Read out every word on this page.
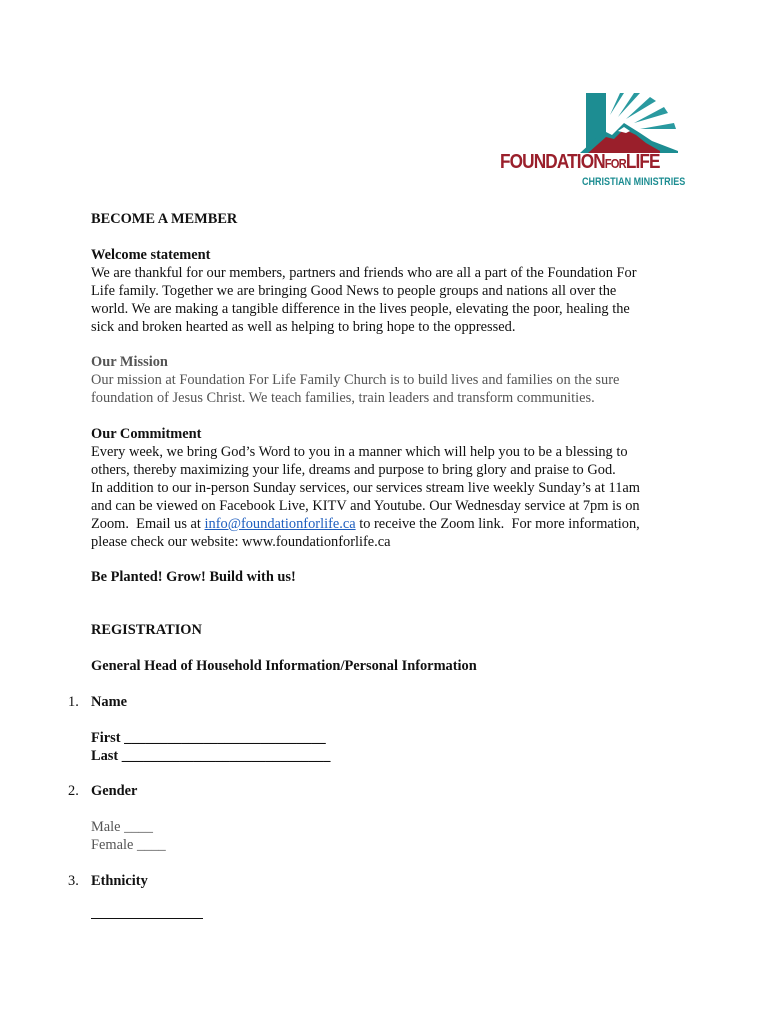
FOUNDATIONFORLIFE
CHRISTIAN MINISTRIES
BECOME A MEMBER
Welcome statement
We are thankful for our members, partners and friends who are all a part of the Foundation For
Life family. Together we are bringing Good News to people groups and nations all over the
world. We are making a tangible difference in the lives people, elevating the poor, healing the
sick and broken hearted as well as helping to bring hope to the oppressed.
Our Mission
Our mission at Foundation For Life Family Church is to build lives and families on the sure
foundation of Jesus Christ. We teach families, train leaders and transform communities.
Our Commitment
Every week, we bring God’s Word to you in a manner which will help you to be a blessing to
others, thereby maximizing your life, dreams and purpose to bring glory and praise to God.
In addition to our in-person Sunday services, our services stream live weekly Sunday’s at 11am
and can be viewed on Facebook Live, KITV and Youtube. Our Wednesday service at 7pm is on
Zoom.  Email us at info@foundationforlife.ca to receive the Zoom link.  For more information,
please check our website: www.foundationforlife.ca
Be Planted! Grow! Build with us!
REGISTRATION
General Head of Household Information/Personal Information
1. Name
First ____________________________
Last _____________________________
2. Gender
Male ____
Female ____
3. Ethnicity
